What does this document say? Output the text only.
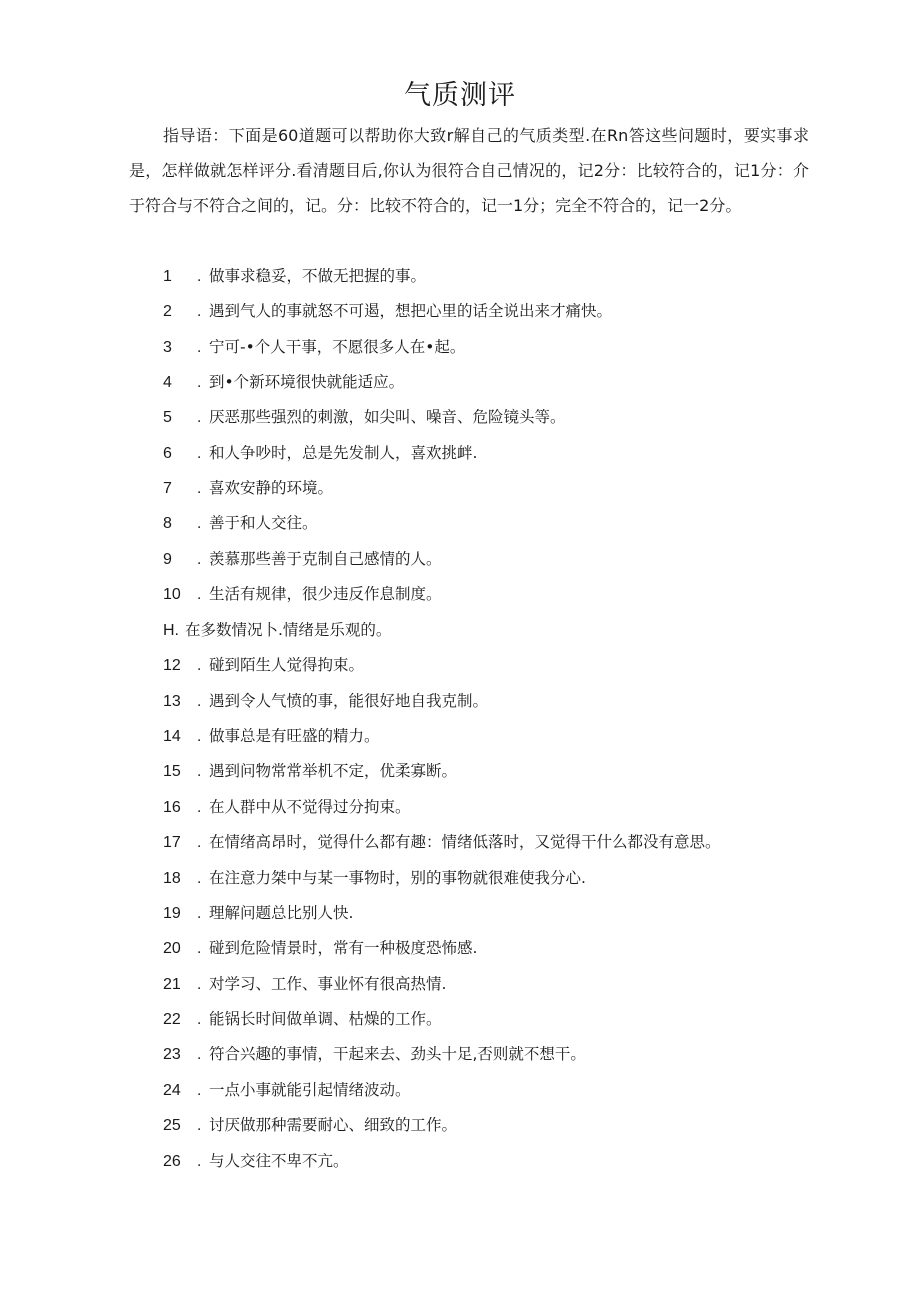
气质测评
指导语：下面是60道题可以帮助你大致r解自己的气质类型.在Rn答这些问题时，要实事求是，怎样做就怎样评分.看清题目后,你认为很符合自己情况的，记2分：比较符合的，记1分：介于符合与不符合之间的，记。分：比较不符合的，记一1分；完全不符合的，记一2分。
1 . 做事求稳妥，不做无把握的事。
2 . 遇到气人的事就怒不可遏，想把心里的话全说出来才痛快。
3 . 宁可-•个人干事，不愿很多人在•起。
4 . 到•个新环境很快就能适应。
5 . 厌恶那些强烈的刺激，如尖叫、噪音、危险镜头等。
6 . 和人争吵时，总是先发制人，喜欢挑衅.
7 . 喜欢安静的环境。
8 . 善于和人交往。
9 . 羡慕那些善于克制自己感情的人。
10 . 生活有规律，很少违反作息制度。
H. 在多数情况卜.情绪是乐观的。
12 . 碰到陌生人觉得拘束。
13 . 遇到令人气愤的事，能很好地自我克制。
14 . 做事总是有旺盛的精力。
15 . 遇到问物常常举机不定，优柔寡断。
16 . 在人群中从不觉得过分拘束。
17 . 在情绪高昂时，觉得什么都有趣：情绪低落时，又觉得干什么都没有意思。
18 . 在注意力桀中与某一事物时，别的事物就很难使我分心.
19 . 理解问题总比别人快.
20 . 碰到危险情景时，常有一种极度恐怖感.
21 . 对学习、工作、事业怀有很高热情.
22 . 能锅长时间做单调、枯燥的工作。
23 . 符合兴趣的事情，干起来去、劲头十足,否则就不想干。
24 . 一点小事就能引起情绪波动。
25 . 讨厌做那种需要耐心、细致的工作。
26 . 与人交往不卑不亢。
